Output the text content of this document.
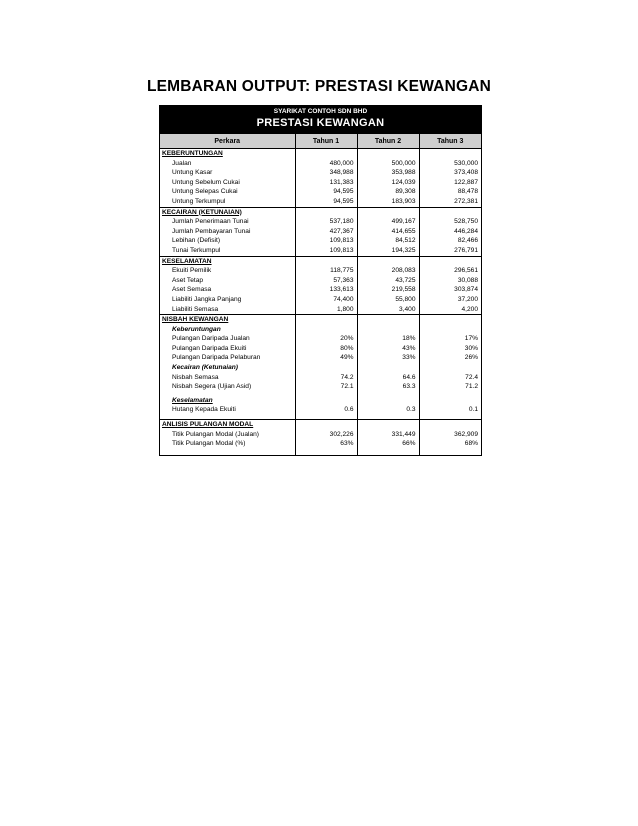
LEMBARAN OUTPUT: PRESTASI KEWANGAN
SYARIKAT CONTOH SDN BHD
PRESTASI KEWANGAN
Perkara	Tahun 1	Tahun 2	Tahun 3
KEBERUNTUNGAN			
Jualan	480,000	500,000	530,000
Untung Kasar	348,988	353,988	373,408
Untung Sebelum Cukai	131,383	124,039	122,887
Untung Selepas Cukai	94,595	89,308	88,478
Untung Terkumpul	94,595	183,903	272,381
KECAIRAN (KETUNAIAN)			
Jumlah Penerimaan Tunai	537,180	499,167	528,750
Jumlah Pembayaran Tunai	427,367	414,655	446,284
Lebihan (Defisit)	109,813	84,512	82,466
Tunai Terkumpul	109,813	194,325	276,791
KESELAMATAN			
Ekuiti Pemilik	118,775	208,083	296,561
Aset Tetap	57,363	43,725	30,088
Aset Semasa	133,613	219,558	303,874
Liabiliti Jangka Panjang	74,400	55,800	37,200
Liabiliti Semasa	1,800	3,400	4,200
NISBAH KEWANGAN			
Keberuntungan			
Pulangan Daripada Jualan	20%	18%	17%
Pulangan Daripada Ekuiti	80%	43%	30%
Pulangan Daripada Pelaburan	49%	33%	26%
Kecairan (Ketunaian)			
Nisbah Semasa	74.2	64.6	72.4
Nisbah Segera (Ujian Asid)	72.1	63.3	71.2

Keselamatan			
Hutang Kepada Ekuiti	0.6	0.3	0.1

ANLISIS PULANGAN MODAL			
Titik Pulangan Modal (Jualan)	302,226	331,449	362,909
Titik Pulangan Modal (%)	63%	66%	68%
